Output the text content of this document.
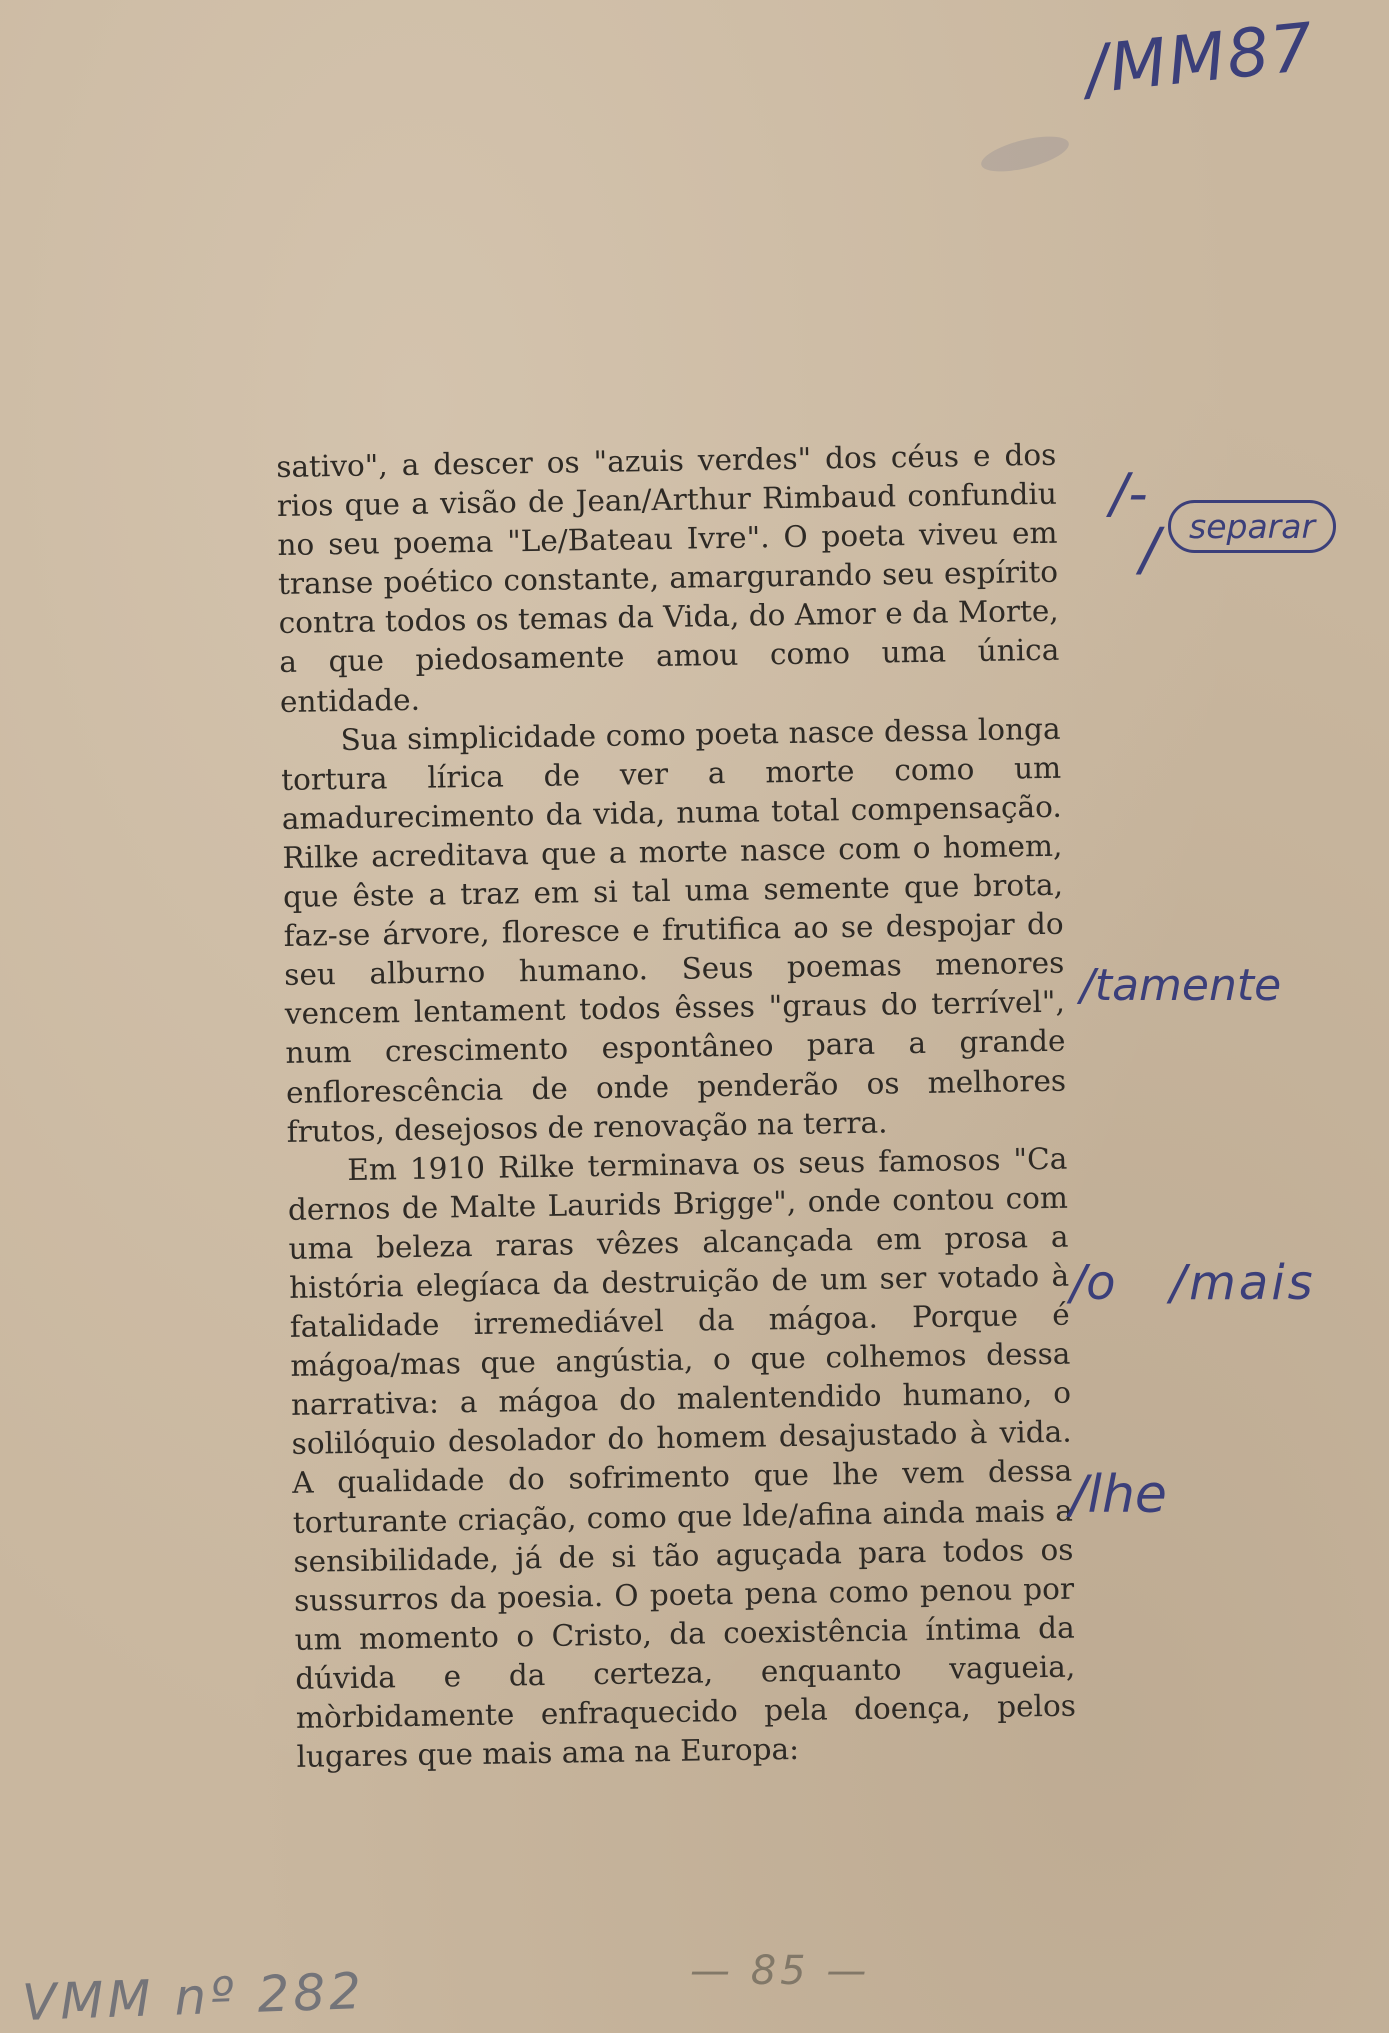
/MM87

sativo", a descer os "azuis verdes" dos céus e dos rios que a visão de Jean/Arthur Rimbaud confundiu no seu poema "Le/Bateau Ivre". O poeta viveu em transe poético constante, amargurando seu espírito contra todos os temas da Vida, do Amor e da Morte, a que piedosamente amou como uma única entidade.

Sua simplicidade como poeta nasce dessa longa tortura lírica de ver a morte como um amadurecimento da vida, numa total compensação. Rilke acreditava que a morte nasce com o homem, que êste a traz em si tal uma semente que brota, faz-se árvore, floresce e frutifica ao se despojar do seu alburno humano. Seus poemas menores vencem lentament todos êsses "graus do terrível", num crescimento espontâneo para a grande enflorescência de onde penderão os melhores frutos, desejosos de renovação na terra.

Em 1910 Rilke terminava os seus famosos "Ca dernos de Malte Laurids Brigge", onde contou com uma beleza raras vêzes alcançada em prosa a história elegíaca da destruição de um ser votado à fatalidade irremediável da mágoa. Porque é mágoa/mas que angústia, o que colhemos dessa narrativa: a mágoa do malentendido humano, o solilóquio desolador do homem desajustado à vida. A qualidade do sofrimento que lhe vem dessa torturante criação, como que lde/afina ainda mais a sensibilidade, já de si tão aguçada para todos os sussurros da poesia. O poeta pena como penou por um momento o Cristo, da coexistência íntima da dúvida e da certeza, enquanto vagueia, mòrbidamente enfraquecido pela doença, pelos lugares que mais ama na Europa:

/-
/ separar
/tamente
/o /mais
/lhe
— 85 —
VMM nº 282
